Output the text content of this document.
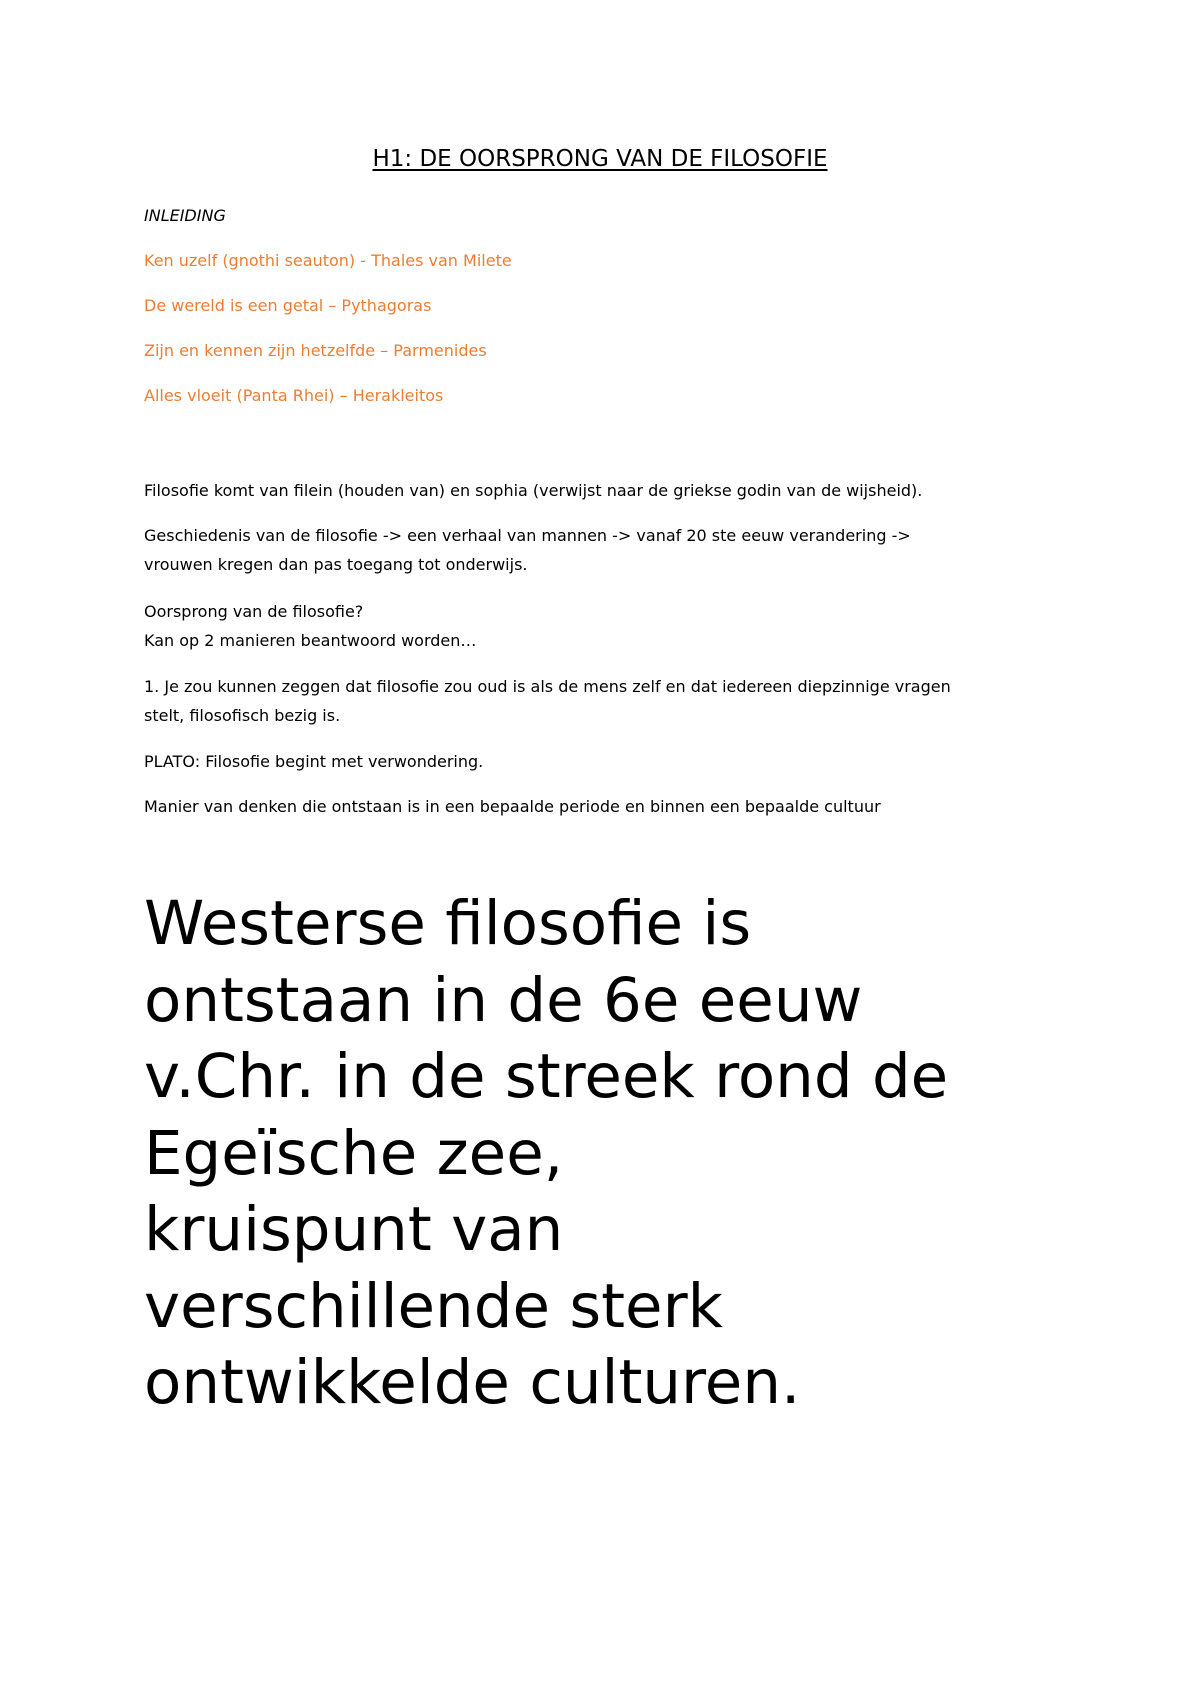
H1: DE OORSPRONG VAN DE FILOSOFIE

INLEIDING

Ken uzelf (gnothi seauton) - Thales van Milete

De wereld is een getal – Pythagoras

Zijn en kennen zijn hetzelfde – Parmenides

Alles vloeit (Panta Rhei) – Herakleitos

Filosofie komt van filein (houden van) en sophia (verwijst naar de griekse godin van de wijsheid).

Geschiedenis van de filosofie -> een verhaal van mannen -> vanaf 20 ste eeuw verandering ->

vrouwen kregen dan pas toegang tot onderwijs.

Oorsprong van de filosofie?

Kan op 2 manieren beantwoord worden…

1. Je zou kunnen zeggen dat filosofie zou oud is als de mens zelf en dat iedereen diepzinnige vragen

stelt, filosofisch bezig is.

PLATO: Filosofie begint met verwondering.

Manier van denken die ontstaan is in een bepaalde periode en binnen een bepaalde cultuur

Westerse filosofie is
ontstaan in de 6e eeuw
v.Chr. in de streek rond de
Egeïsche zee,
kruispunt van
verschillende sterk
ontwikkelde culturen.
